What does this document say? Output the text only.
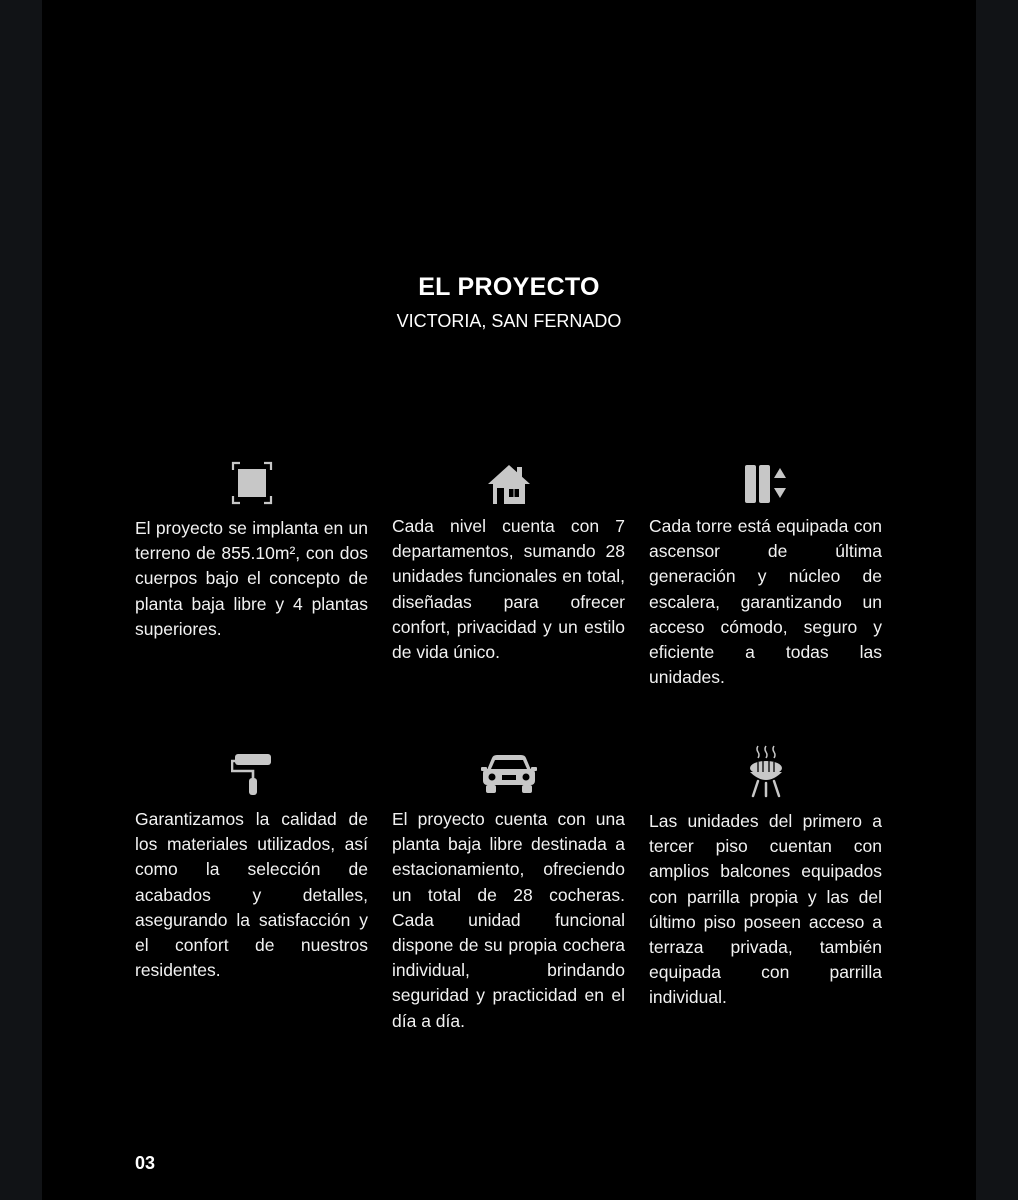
EL PROYECTO
VICTORIA, SAN FERNADO

El proyecto se implanta en un terreno de 855.10m², con dos cuerpos bajo el concepto de planta baja libre y 4 plantas superiores.

Cada nivel cuenta con 7 departamentos, sumando 28 unidades funcionales en total, diseñadas para ofrecer confort, privacidad y un estilo de vida único.

Cada torre está equipada con ascensor de última generación y núcleo de escalera, garantizando un acceso cómodo, seguro y eficiente a todas las unidades.

Garantizamos la calidad de los materiales utilizados, así como la selección de acabados y detalles, asegurando la satisfacción y el confort de nuestros residentes.

El proyecto cuenta con una planta baja libre destinada a estacionamiento, ofreciendo un total de 28 cocheras. Cada unidad funcional dispone de su propia cochera individual, brindando seguridad y practicidad en el día a día.

Las unidades del primero a tercer piso cuentan con amplios balcones equipados con parrilla propia y las del último piso poseen acceso a terraza privada, también equipada con parrilla individual.

03
